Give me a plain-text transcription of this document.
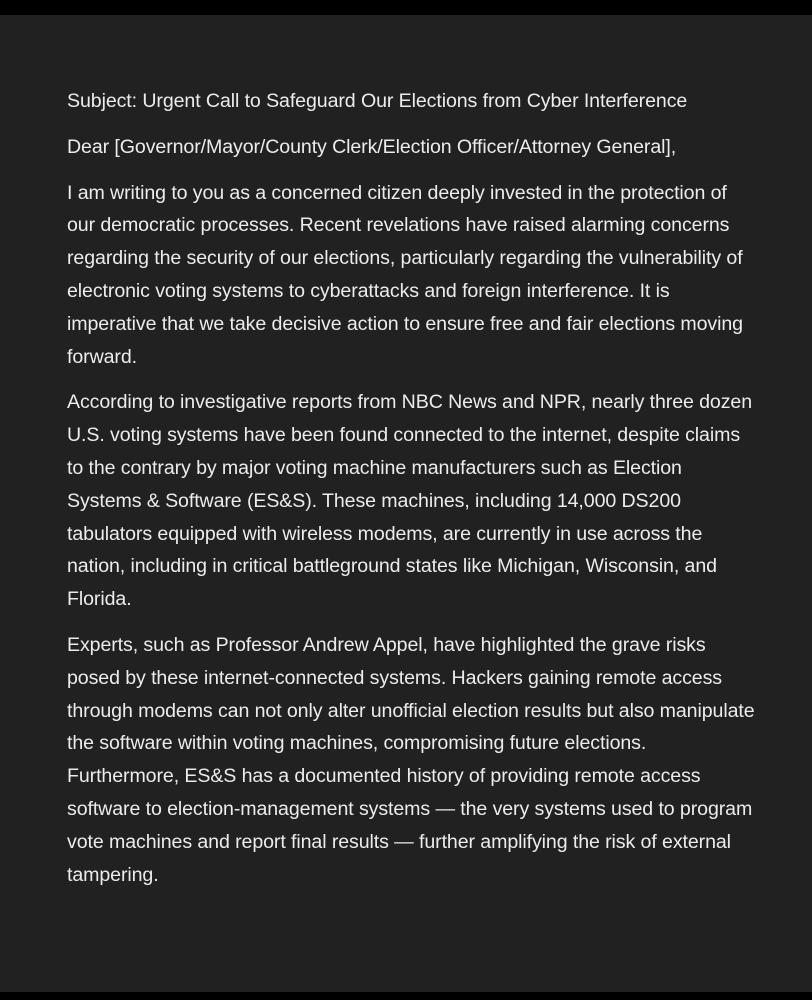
Subject: Urgent Call to Safeguard Our Elections from Cyber Interference

Dear [Governor/Mayor/County Clerk/Election Officer/Attorney General],

I am writing to you as a concerned citizen deeply invested in the protection of our democratic processes. Recent revelations have raised alarming concerns regarding the security of our elections, particularly regarding the vulnerability of electronic voting systems to cyberattacks and foreign interference. It is imperative that we take decisive action to ensure free and fair elections moving forward.

According to investigative reports from NBC News and NPR, nearly three dozen U.S. voting systems have been found connected to the internet, despite claims to the contrary by major voting machine manufacturers such as Election Systems & Software (ES&S). These machines, including 14,000 DS200 tabulators equipped with wireless modems, are currently in use across the nation, including in critical battleground states like Michigan, Wisconsin, and Florida.

Experts, such as Professor Andrew Appel, have highlighted the grave risks posed by these internet-connected systems. Hackers gaining remote access through modems can not only alter unofficial election results but also manipulate the software within voting machines, compromising future elections. Furthermore, ES&S has a documented history of providing remote access software to election-management systems — the very systems used to program vote machines and report final results — further amplifying the risk of external tampering.
